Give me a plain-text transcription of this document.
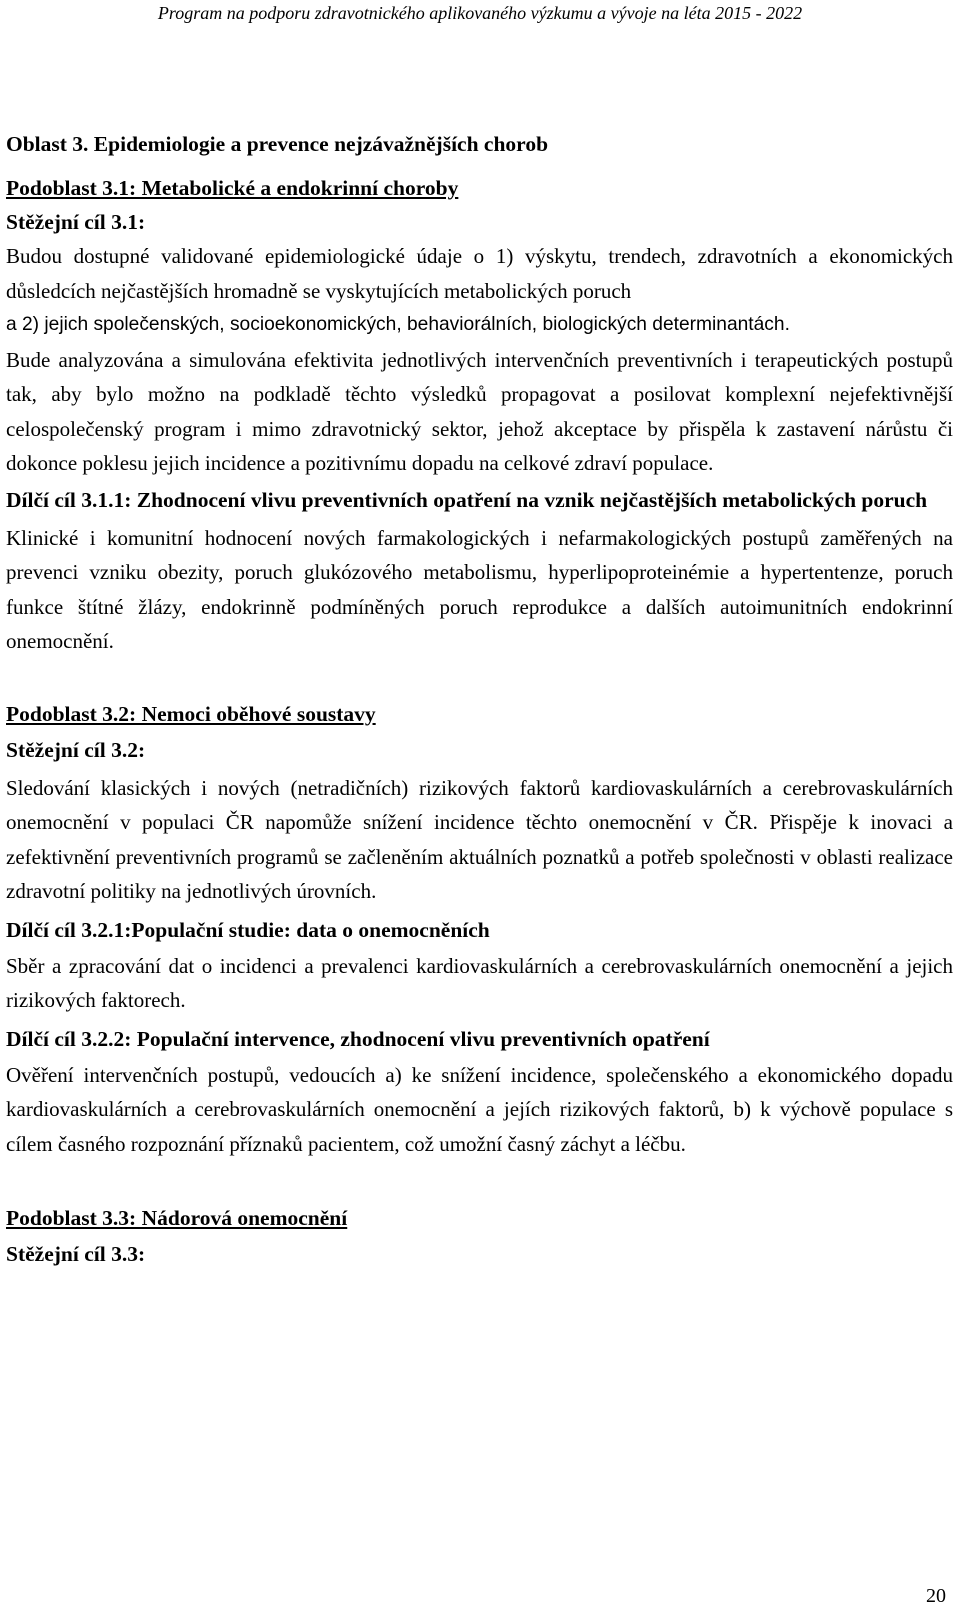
Program na podporu zdravotnického aplikovaného výzkumu a vývoje na léta 2015 - 2022
Oblast 3. Epidemiologie a prevence nejzávažnějších chorob
Podoblast 3.1: Metabolické a endokrinní choroby
Stěžejní cíl 3.1:

Budou dostupné validované epidemiologické údaje o 1) výskytu, trendech, zdravotních a ekonomických důsledcích nejčastějších hromadně se vyskytujících metabolických poruch

a 2) jejich společenských, socioekonomických, behaviorálních, biologických determinantách.

Bude analyzována a simulována efektivita jednotlivých intervenčních preventivních i terapeutických postupů tak, aby bylo možno na podkladě těchto výsledků propagovat a posilovat komplexní nejefektivnější celospolečenský program i mimo zdravotnický sektor, jehož akceptace by přispěla k zastavení nárůstu či dokonce poklesu jejich incidence a pozitivnímu dopadu na celkové zdraví populace.

Dílčí cíl 3.1.1: Zhodnocení vlivu preventivních opatření na vznik nejčastějších metabolických poruch

Klinické i komunitní hodnocení nových farmakologických i nefarmakologických postupů zaměřených na prevenci vzniku obezity, poruch glukózového metabolismu, hyperlipoproteinémie a hypertentenze, poruch funkce štítné žlázy, endokrinně podmíněných poruch reprodukce a dalších autoimunitních endokrinní onemocnění.

Podoblast 3.2: Nemoci oběhové soustavy
Stěžejní cíl 3.2:

Sledování klasických i nových (netradičních) rizikových faktorů kardiovaskulárních a cerebrovaskulárních onemocnění v populaci ČR napomůže snížení incidence těchto onemocnění v ČR. Přispěje k inovaci a zefektivnění preventivních programů se začleněním aktuálních poznatků a potřeb společnosti v oblasti realizace zdravotní politiky na jednotlivých úrovních.

Dílčí cíl 3.2.1:Populační studie: data o onemocněních

Sběr a zpracování dat o incidenci a prevalenci kardiovaskulárních a cerebrovaskulárních onemocnění a jejich rizikových faktorech.

Dílčí cíl 3.2.2: Populační intervence, zhodnocení vlivu preventivních opatření

Ověření intervenčních postupů, vedoucích a) ke snížení incidence, společenského a ekonomického dopadu kardiovaskulárních a cerebrovaskulárních onemocnění a jejích rizikových faktorů, b) k výchově populace s cílem časného rozpoznání příznaků pacientem, což umožní časný záchyt a léčbu.

Podoblast 3.3: Nádorová onemocnění
Stěžejní cíl 3.3:
20
